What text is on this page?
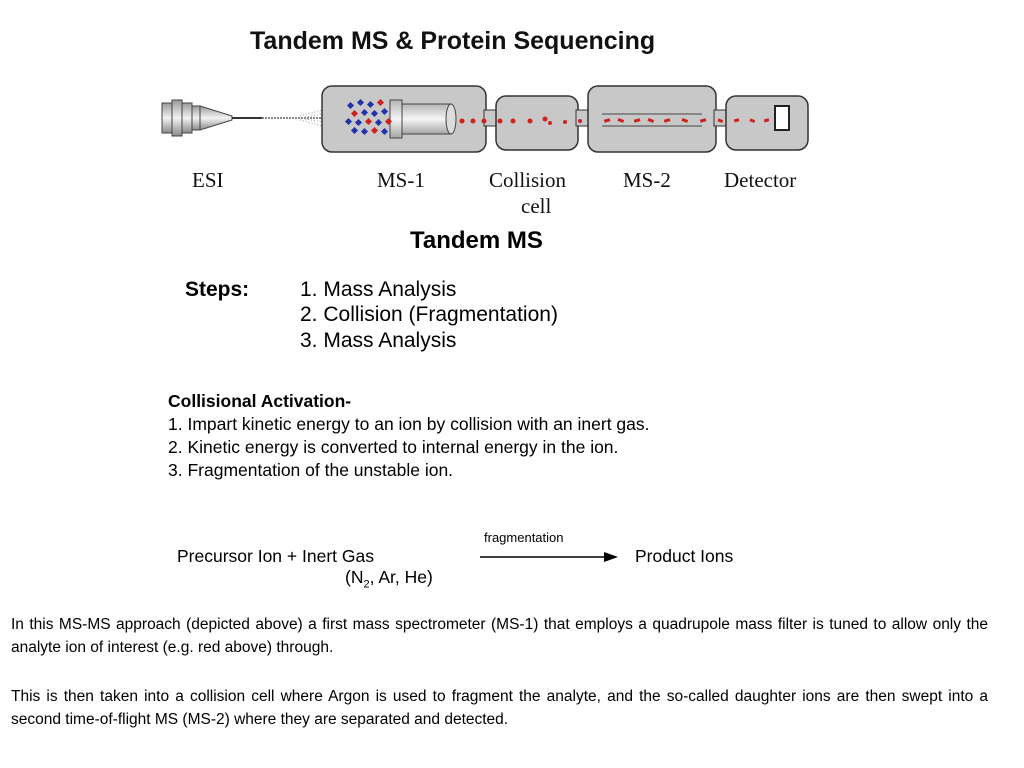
Tandem MS & Protein Sequencing
ESI	MS-1	Collision
cell
MS-2	Detector
Tandem MS
Steps: 1. Mass Analysis
2. Collision (Fragmentation)
3. Mass Analysis
Collisional Activation-
1. Impart kinetic energy to an ion by collision with an inert gas.
2. Kinetic energy is converted to internal energy in the ion.
3. Fragmentation of the unstable ion.
Precursor Ion + Inert Gas
($N_2$, Ar, He)
fragmentation
Product Ions

In this MS-MS approach (depicted above) a first mass spectrometer (MS-1) that employs a quadrupole mass filter is tuned to allow only the analyte ion of interest (e.g. red above) through.

This is then taken into a collision cell where Argon is used to fragment the analyte, and the so-called daughter ions are then swept into a second time-of-flight MS (MS-2) where they are separated and detected.
